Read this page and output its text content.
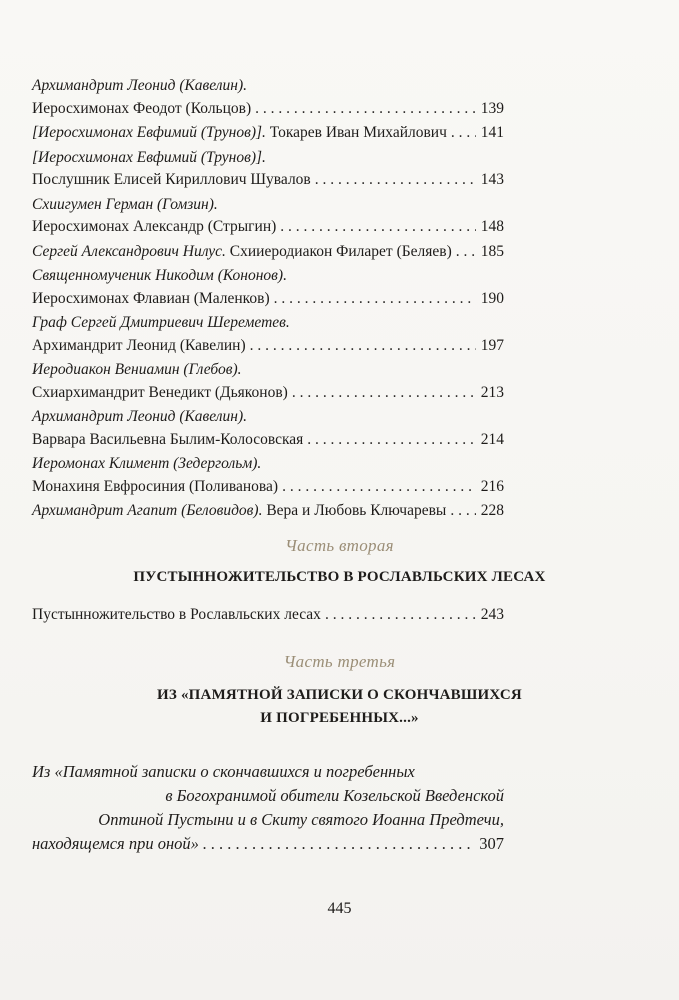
Архимандрит Леонид (Кавелин).
Иеросхимонах Феодот (Кольцов) . . .	139
[Иеросхимонах Евфимий (Трунов)]. Токарев Иван Михайлович . . . 141
[Иеросхимонах Евфимий (Трунов)].
Послушник Елисей Кириллович Шувалов . . .	143
Схиигумен Герман (Гомзин).
Иеросхимонах Александр (Стрыгин) . . .	148
Сергей Александрович Нилус. Схииеродиакон Филарет (Беляев) . . . 185
Священномученик Никодим (Кононов).
Иеросхимонах Флавиан (Маленков) . . .	190
Граф Сергей Дмитриевич Шереметев.
Архимандрит Леонид (Кавелин) . . .	197
Иеродиакон Вениамин (Глебов).
Схиархимандрит Венедикт (Дьяконов) . . .	213
Архимандрит Леонид (Кавелин).
Варвара Васильевна Былим-Колосовская . . .	214
Иеромонах Климент (Зедергольм).
Монахиня Евфросиния (Поливанова) . . .	216
Архимандрит Агапит (Беловидов). Вера и Любовь Ключаревы . . . 228
Часть вторая
ПУСТЫННОЖИТЕЛЬСТВО В РОСЛАВЛЬСКИХ ЛЕСАХ
Пустынножительство в Рославльских лесах . . .	243
Часть третья
ИЗ «ПАМЯТНОЙ ЗАПИСКИ О СКОНЧАВШИХСЯ
И ПОГРЕБЕННЫХ...»
Из «Памятной записки о скончавшихся и погребенных
в Богохранимой обители Козельской Введенской
Оптиной Пустыни и в Скиту святого Иоанна Предтечи,
находящемся при оной» . . .	307
445
